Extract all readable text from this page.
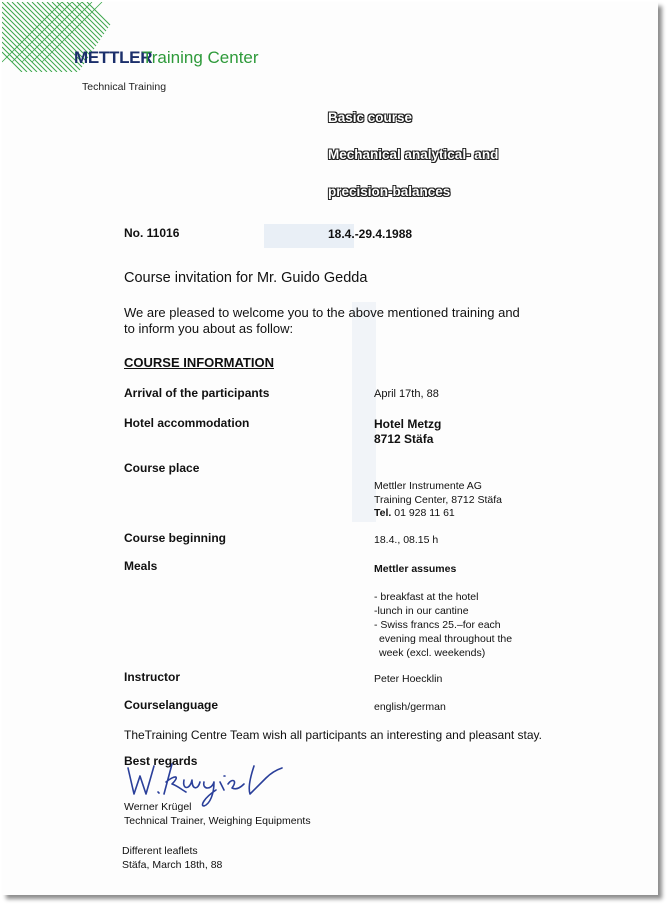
METTLER
Training Center
Technical Training
Basic course
Mechanical analytical- and
precision-balances
No. 11016	18.4.-29.4.1988
Course invitation for Mr. Guido Gedda
We are pleased to welcome you to the above mentioned training and
to inform you about as follow:
COURSE INFORMATION
Arrival of the participants	April 17th, 88
Hotel accommodation	Hotel Metzg
8712 Stäfa
Course place
Mettler Instrumente AG
Training Center, 8712 Stäfa
Tel. 01 928 11 61
Course beginning	18.4., 08.15 h
Meals	Mettler assumes
- breakfast at the hotel
-lunch in our cantine
- Swiss francs 25.–for each
evening meal throughout the
week (excl. weekends)
Instructor	Peter Hoecklin
Courselanguage	english/german
TheTraining Centre Team wish all participants an interesting and pleasant stay.
Best regards
Werner Krügel
Technical Trainer, Weighing Equipments
Different leaflets
Stäfa, March 18th, 88
